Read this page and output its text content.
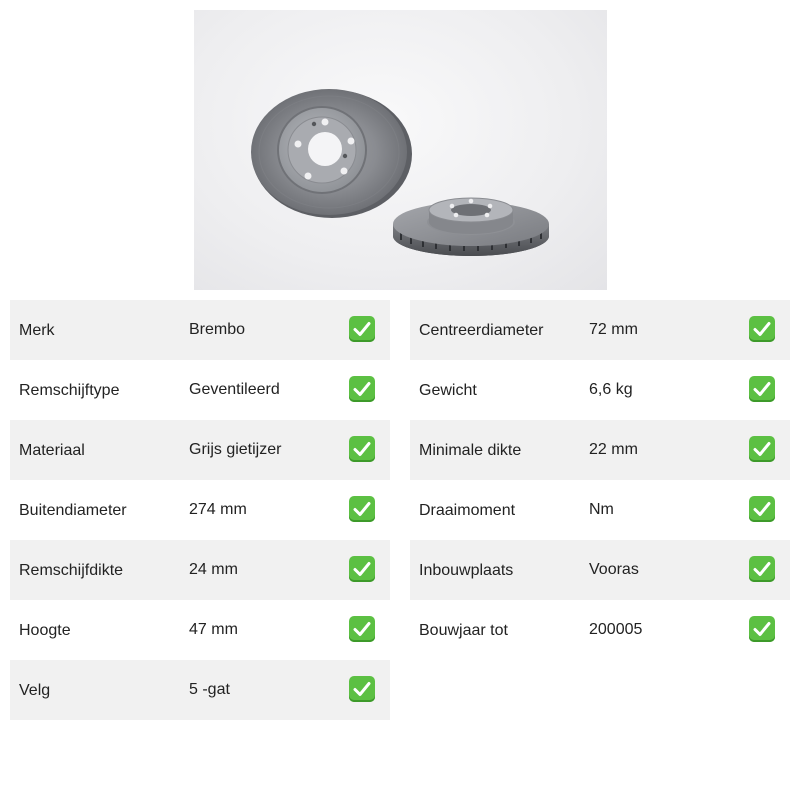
Merk	Brembo
Remschijftype	Geventileerd
Materiaal	Grijs gietijzer
Buitendiameter	274 mm
Remschijfdikte	24 mm
Hoogte	47 mm
Velg	5 -gat
Centreerdiameter	72 mm
Gewicht	6,6 kg
Minimale dikte	22 mm
Draaimoment	Nm
Inbouwplaats	Vooras
Bouwjaar tot	200005
